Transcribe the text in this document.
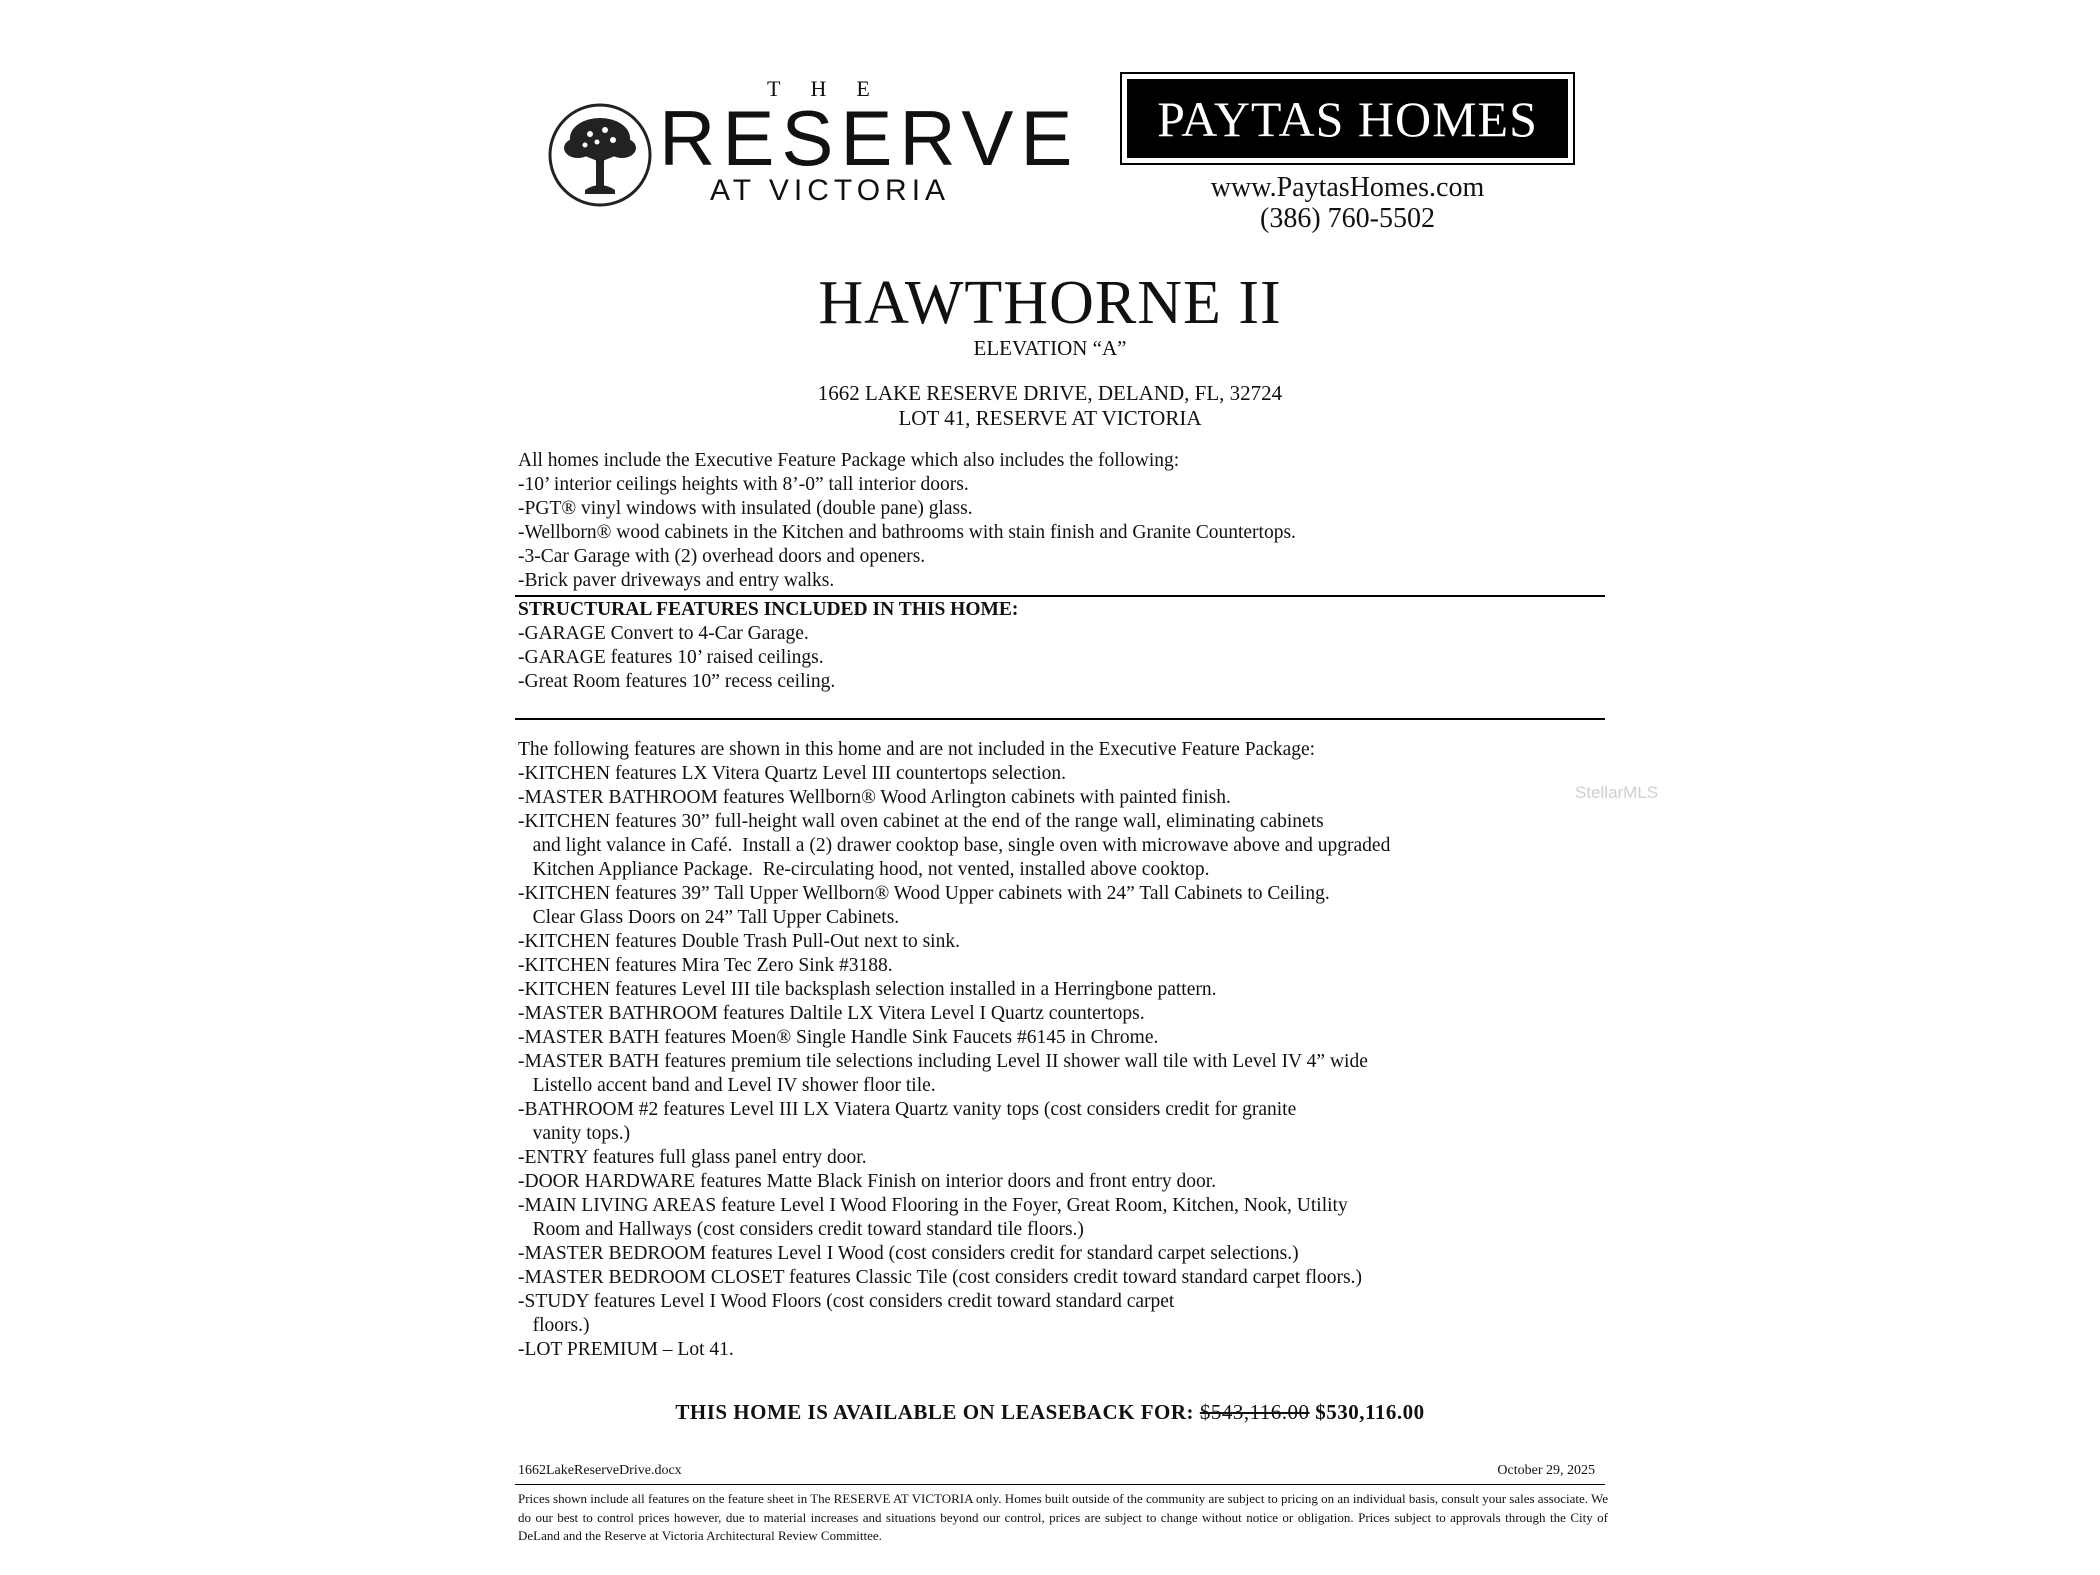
THE
RESERVE
AT VICTORIA
PAYTAS HOMES
www.PaytasHomes.com
(386) 760-5502
HAWTHORNE II
ELEVATION “A”
1662 LAKE RESERVE DRIVE, DELAND, FL, 32724
LOT 41, RESERVE AT VICTORIA
All homes include the Executive Feature Package which also includes the following:
-10’ interior ceilings heights with 8’-0” tall interior doors.
-PGT® vinyl windows with insulated (double pane) glass.
-Wellborn® wood cabinets in the Kitchen and bathrooms with stain finish and Granite Countertops.
-3-Car Garage with (2) overhead doors and openers.
-Brick paver driveways and entry walks.
STRUCTURAL FEATURES INCLUDED IN THIS HOME:
-GARAGE Convert to 4-Car Garage.
-GARAGE features 10’ raised ceilings.
-Great Room features 10” recess ceiling.
The following features are shown in this home and are not included in the Executive Feature Package:
-KITCHEN features LX Vitera Quartz Level III countertops selection.
-MASTER BATHROOM features Wellborn® Wood Arlington cabinets with painted finish.
-KITCHEN features 30” full-height wall oven cabinet at the end of the range wall, eliminating cabinets
and light valance in Café.  Install a (2) drawer cooktop base, single oven with microwave above and upgraded
Kitchen Appliance Package.  Re-circulating hood, not vented, installed above cooktop.
-KITCHEN features 39” Tall Upper Wellborn® Wood Upper cabinets with 24” Tall Cabinets to Ceiling.
Clear Glass Doors on 24” Tall Upper Cabinets.
-KITCHEN features Double Trash Pull-Out next to sink.
-KITCHEN features Mira Tec Zero Sink #3188.
-KITCHEN features Level III tile backsplash selection installed in a Herringbone pattern.
-MASTER BATHROOM features Daltile LX Vitera Level I Quartz countertops.
-MASTER BATH features Moen® Single Handle Sink Faucets #6145 in Chrome.
-MASTER BATH features premium tile selections including Level II shower wall tile with Level IV 4” wide
Listello accent band and Level IV shower floor tile.
-BATHROOM #2 features Level III LX Viatera Quartz vanity tops (cost considers credit for granite
vanity tops.)
-ENTRY features full glass panel entry door.
-DOOR HARDWARE features Matte Black Finish on interior doors and front entry door.
-MAIN LIVING AREAS feature Level I Wood Flooring in the Foyer, Great Room, Kitchen, Nook, Utility
Room and Hallways (cost considers credit toward standard tile floors.)
-MASTER BEDROOM features Level I Wood (cost considers credit for standard carpet selections.)
-MASTER BEDROOM CLOSET features Classic Tile (cost considers credit toward standard carpet floors.)
-STUDY features Level I Wood Floors (cost considers credit toward standard carpet
floors.)
-LOT PREMIUM – Lot 41.
THIS HOME IS AVAILABLE ON LEASEBACK FOR: $543,116.00 $530,116.00
1662LakeReserveDrive.docx	October 29, 2025
Prices shown include all features on the feature sheet in The RESERVE AT VICTORIA only. Homes built outside of the community are subject to pricing on an individual basis, consult your sales associate. We do our best to control prices however, due to material increases and situations beyond our control, prices are subject to change without notice or obligation. Prices subject to approvals through the City of DeLand and the Reserve at Victoria Architectural Review Committee.
StellarMLS
